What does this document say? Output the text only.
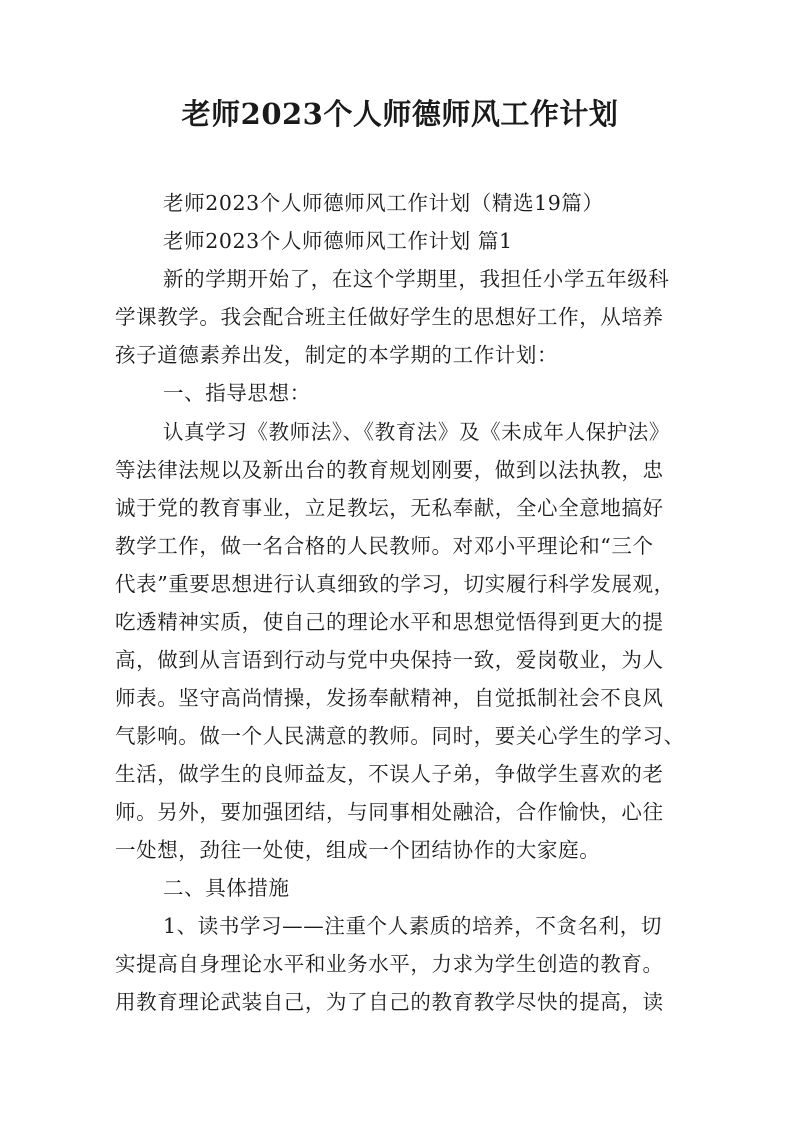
老师2023个人师德师风工作计划
老师2023个人师德师风工作计划（精选19篇）
老师2023个人师德师风工作计划 篇1
新的学期开始了，在这个学期里，我担任小学五年级科
学课教学。我会配合班主任做好学生的思想好工作，从培养
孩子道德素养出发，制定的本学期的工作计划：
一、指导思想：
认真学习《教师法》、《教育法》及《未成年人保护法》
等法律法规以及新出台的教育规划刚要，做到以法执教，忠
诚于党的教育事业，立足教坛，无私奉献，全心全意地搞好
教学工作，做一名合格的人民教师。对邓小平理论和“三个
代表”重要思想进行认真细致的学习，切实履行科学发展观，
吃透精神实质，使自己的理论水平和思想觉悟得到更大的提
高，做到从言语到行动与党中央保持一致，爱岗敬业，为人
师表。坚守高尚情操，发扬奉献精神，自觉抵制社会不良风
气影响。做一个人民满意的教师。同时，要关心学生的学习、
生活，做学生的良师益友，不误人子弟，争做学生喜欢的老
师。另外，要加强团结，与同事相处融洽，合作愉快，心往
一处想，劲往一处使，组成一个团结协作的大家庭。
二、具体措施
1、读书学习——注重个人素质的培养，不贪名利，切
实提高自身理论水平和业务水平，力求为学生创造的教育。
用教育理论武装自己，为了自己的教育教学尽快的提高，读
